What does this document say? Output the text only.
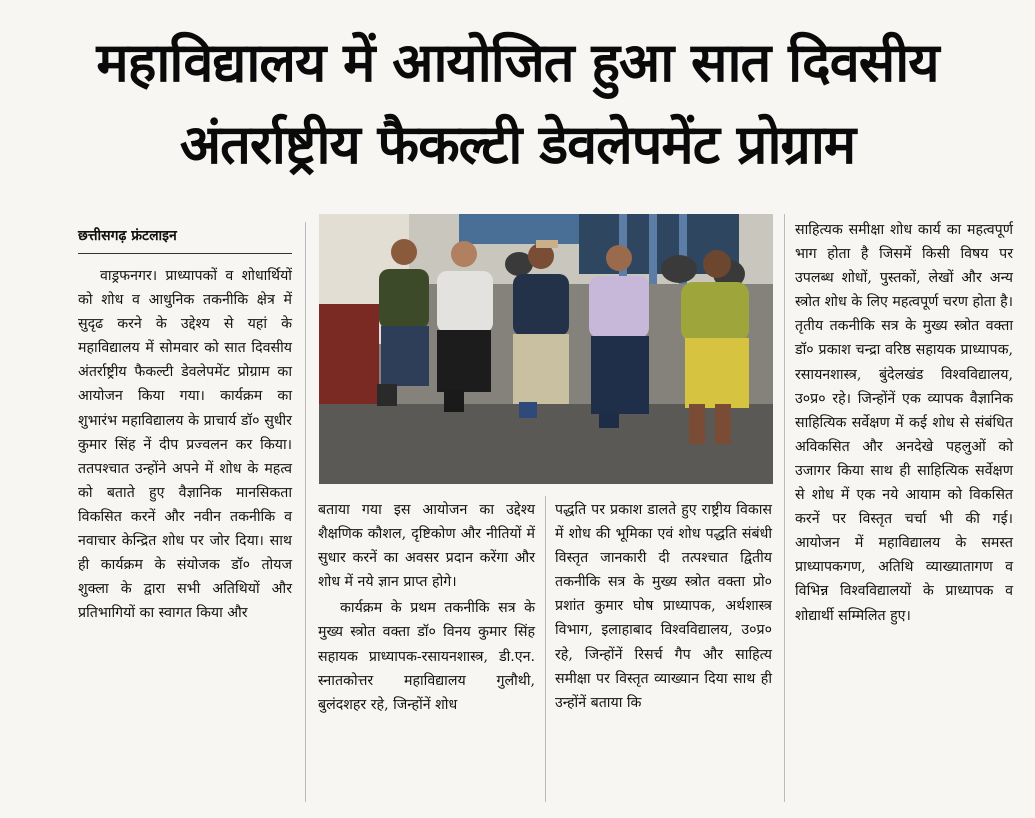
महाविद्यालय में आयोजित हुआ सात दिवसीय
अंतर्राष्ट्रीय फैकल्टी डेवलेपमेंट प्रोग्राम
छत्तीसगढ़ फ्रंटलाइन

वाड्रफनगर। प्राध्यापकों व शोधार्थियों को शोध व आधुनिक तकनीकि क्षेत्र में सुदृढ करने के उद्देश्य से यहां के महाविद्यालय में सोमवार को सात दिवसीय अंतर्राष्ट्रीय फैकल्टी डेवलेपमेंट प्रोग्राम का आयोजन किया गया। कार्यक्रम का शुभारंभ महाविद्यालय के प्राचार्य डॉ० सुधीर कुमार सिंह नें दीप प्रज्वलन कर किया। ततपश्चात उन्होंने अपने में शोध के महत्व को बताते हुए वैज्ञानिक मानसिकता विकसित करनें और नवीन तकनीकि व नवाचार केन्द्रित शोध पर जोर दिया। साथ ही कार्यक्रम के संयोजक डॉ० तोयज शुक्ला के द्वारा सभी अतिथियों और प्रतिभागियों का स्वागत किया और

बताया गया इस आयोजन का उद्देश्य शैक्षणिक कौशल, दृष्टिकोण और नीतियों में सुधार करनें का अवसर प्रदान करेंगा और शोध में नये ज्ञान प्राप्त होगे।
कार्यक्रम के प्रथम तकनीकि सत्र के मुख्य स्त्रोत वक्ता डॉ० विनय कुमार सिंह सहायक प्राध्यापक-रसायनशास्त्र, डी.एन. स्नातकोत्तर महाविद्यालय गुलौथी, बुलंदशहर रहे, जिन्होंनें शोध

पद्धति पर प्रकाश डालते हुए राष्ट्रीय विकास में शोध की भूमिका एवं शोध पद्धति संबंधी विस्तृत जानकारी दी तत्पश्चात द्वितीय तकनीकि सत्र के मुख्य स्त्रोत वक्ता प्रो० प्रशांत कुमार घोष प्राध्यापक, अर्थशास्त्र विभाग, इलाहाबाद विश्वविद्यालय, उ०प्र० रहे, जिन्होंनें रिसर्च गैप और साहित्य समीक्षा पर विस्तृत व्याख्यान दिया साथ ही उन्होंनें बताया कि

साहित्यक समीक्षा शोध कार्य का महत्वपूर्ण भाग होता है जिसमें किसी विषय पर उपलब्ध शोधों, पुस्तकों, लेखों और अन्य स्त्रोत शोध के लिए महत्वपूर्ण चरण होता है। तृतीय तकनीकि सत्र के मुख्य स्त्रोत वक्ता डॉ० प्रकाश चन्द्रा वरिष्ठ सहायक प्राध्यापक, रसायनशास्त्र, बुंदेलखंड विश्वविद्यालय, उ०प्र० रहे। जिन्होंनें एक व्यापक वैज्ञानिक साहित्यिक सर्वेक्षण में कई शोध से संबंधित अविकसित और अनदेखे पहलुओं को उजागर किया साथ ही साहित्यिक सर्वेक्षण से शोध में एक नये आयाम को विकसित करनें पर विस्तृत चर्चा भी की गई। आयोजन में महाविद्यालय के समस्त प्राध्यापकगण, अतिथि व्याख्यातागण व विभिन्न विश्वविद्यालयों के प्राध्यापक व शोद्यार्थी सम्मिलित हुए।
